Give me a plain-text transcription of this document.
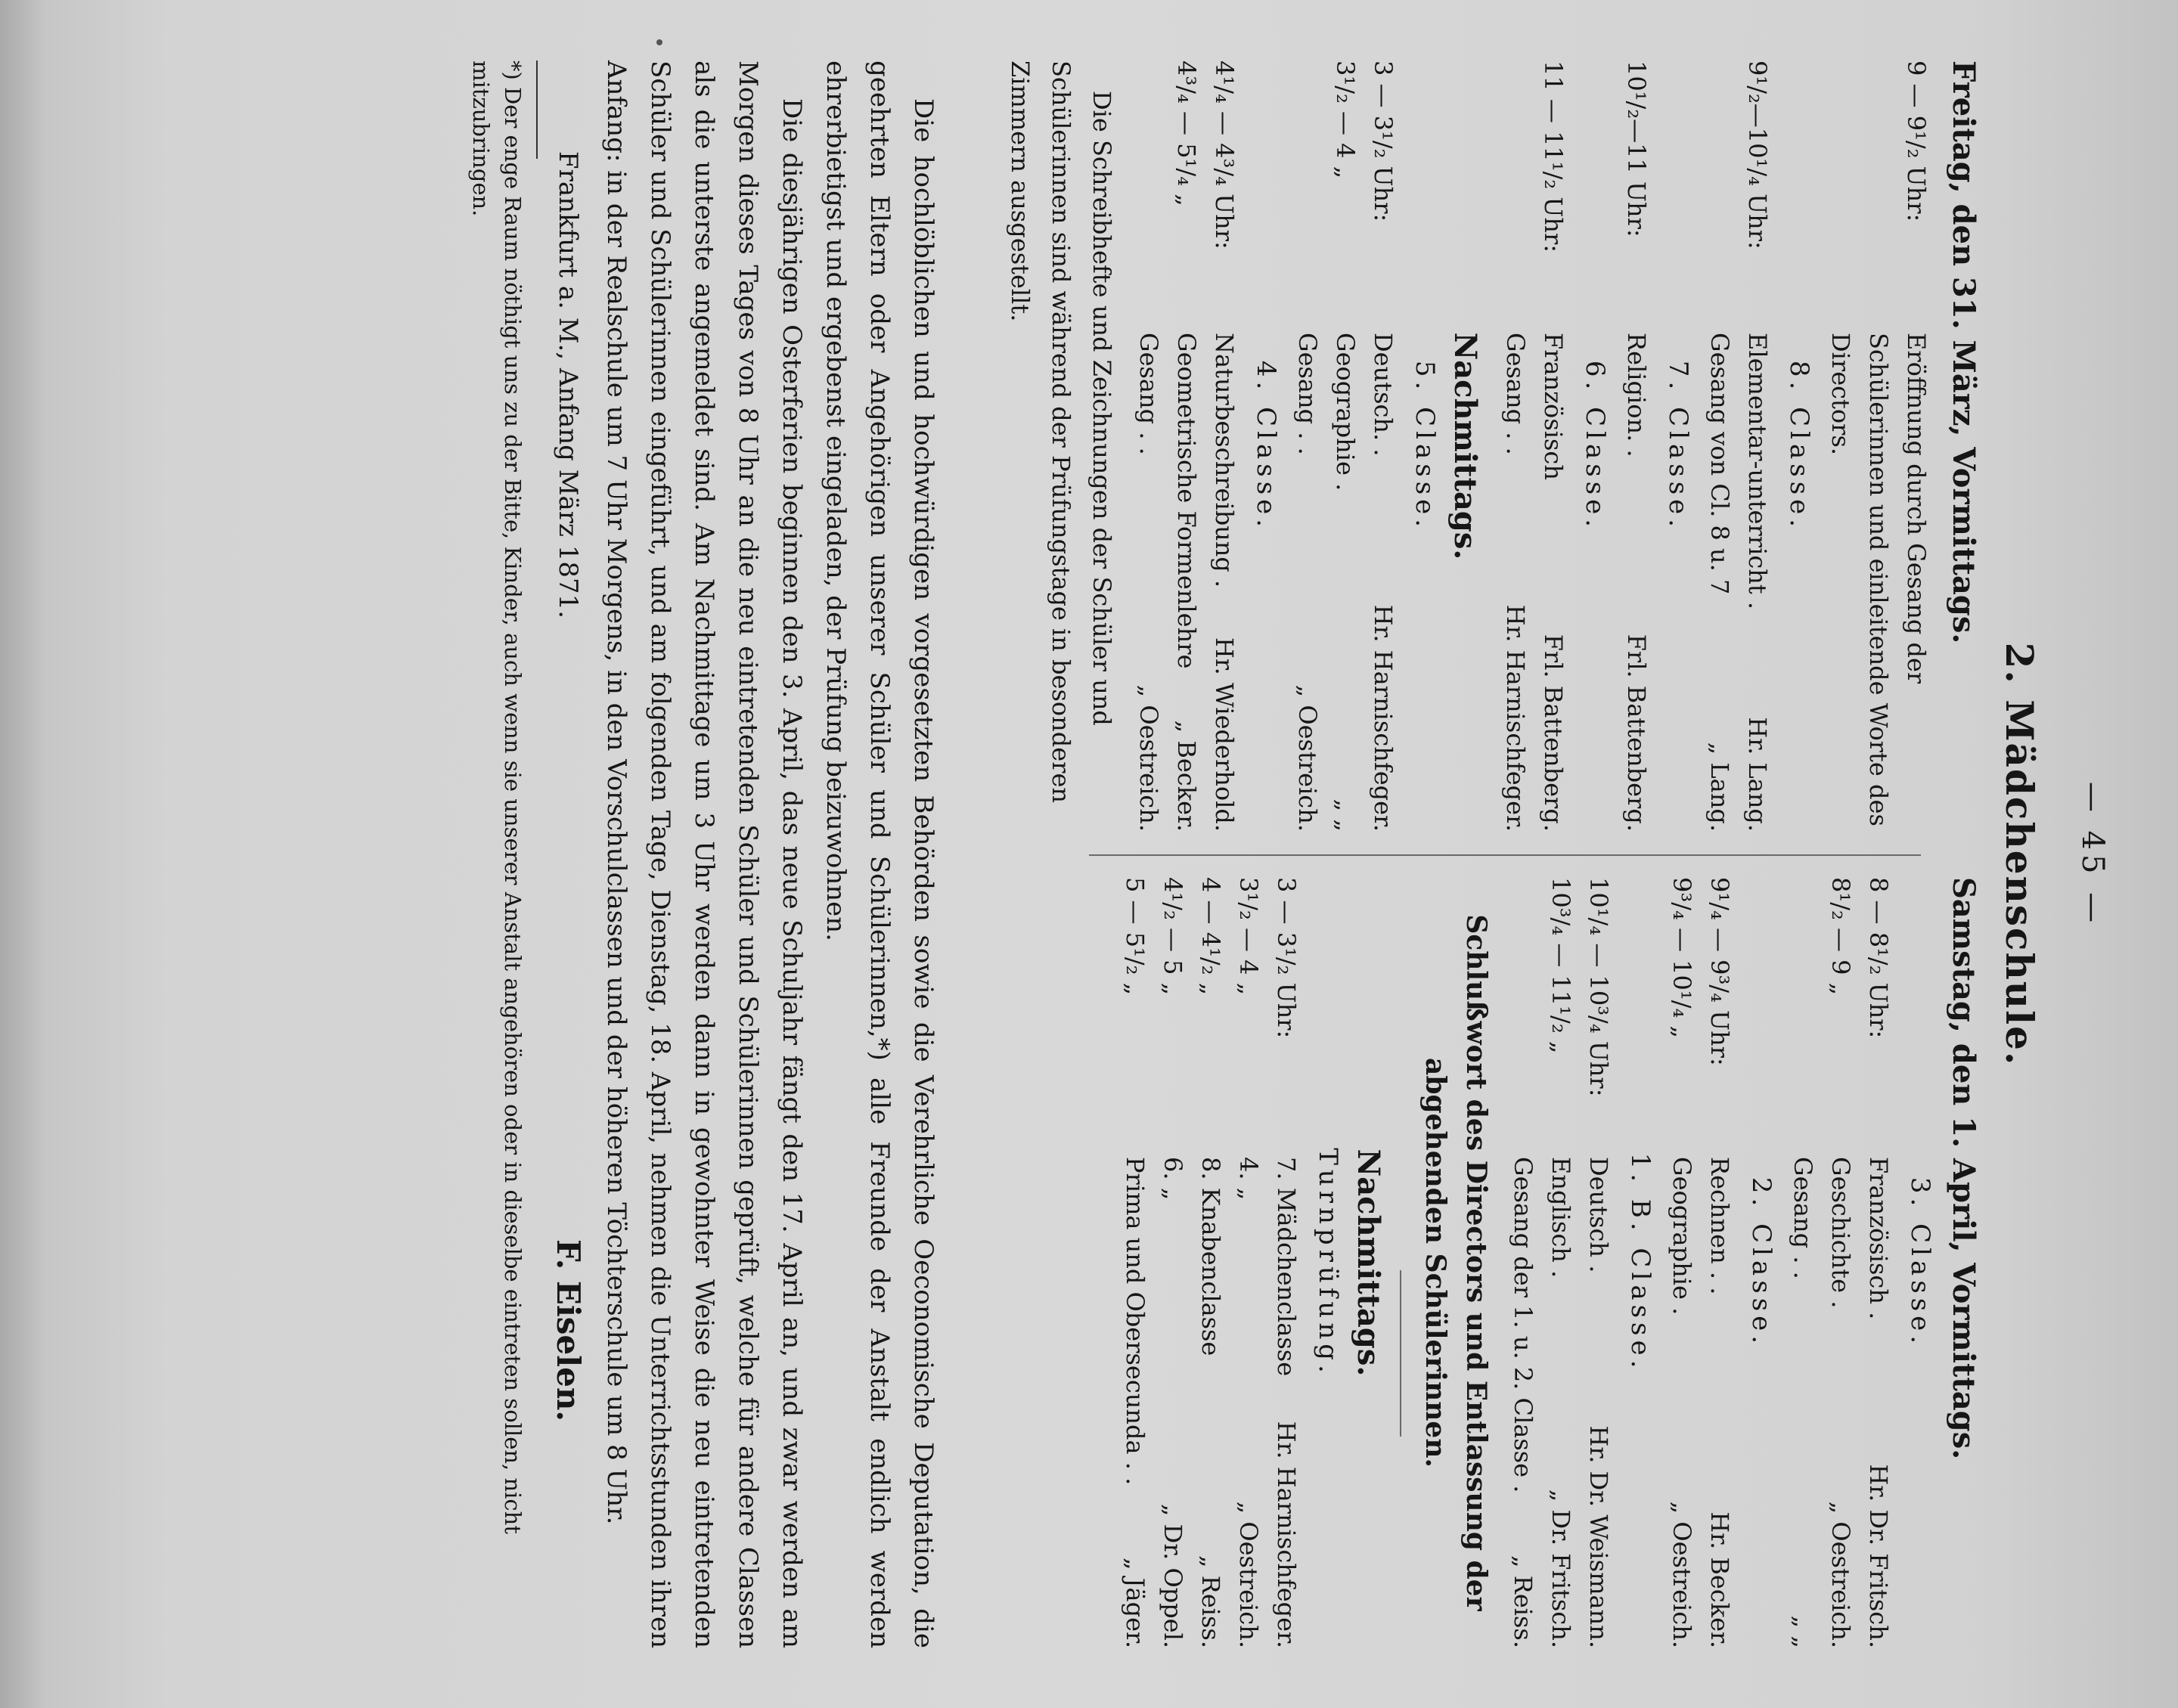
— 45 —
2. Mädchenschule.
Freitag, den 31. März, Vormittags.
9 — 9¹/₂ Uhr:
Eröffnung durch Gesang der Schülerinnen und einleitende Worte des Directors.
8. Classe.
9¹/₂—10¹/₄ Uhr:
Elementar-unterricht .
Hr. Lang.
Gesang von Cl. 8 u. 7
„ Lang.
7. Classe.
10¹/₂—11 Uhr:
Religion. .
Frl. Battenberg.
6. Classe.
11 — 11¹/₂ Uhr:
Französisch
Frl. Battenberg.
Gesang . .
Hr. Harnischfeger.
Nachmittags.
5. Classe.
3 — 3¹/₂ Uhr:
Deutsch. .
Hr. Harnischfeger.
3¹/₂ — 4 „
Geographie .
„ „
Gesang . .
„ Oestreich.
4. Classe.
4¹/₄ — 4³/₄ Uhr:
Naturbeschreibung .
Hr. Wiederhold.
4³/₄ — 5¹/₄ „
Geometrische Formenlehre
„ Becker.
Gesang . .
„ Oestreich.
Die Schreibhefte und Zeichnungen der Schüler und Schülerinnen sind während der Prüfungstage in besonderen Zimmern ausgestellt.
Samstag, den 1. April, Vormittags.
3. Classe.
8 — 8¹/₂ Uhr:
Französisch .
Hr. Dr. Fritsch.
8¹/₂ — 9 „
Geschichte .
„ Oestreich.
Gesang . .
„ „
2. Classe.
9¹/₄ — 9³/₄ Uhr:
Rechnen . .
Hr. Becker.
9³/₄ — 10¹/₄ „
Geographie .
„ Oestreich.
1. B. Classe.
10¹/₄ — 10³/₄ Uhr:
Deutsch .
Hr. Dr. Weismann.
10³/₄ — 11¹/₂ „
Englisch .
„ Dr. Fritsch.
Gesang der 1. u. 2. Classe .
„ Reiss.
Schlußwort des Directors und Entlassung der abgehenden Schülerinnen.
Nachmittags.
Turnprüfung.
3 — 3¹/₂ Uhr:
7. Mädchenclasse
Hr. Harnischfeger.
3¹/₂ — 4 „
4. „
„ Oestreich.
4 — 4¹/₂ „
8. Knabenclasse
„ Reiss.
4¹/₂ — 5 „
6. „
„ Dr. Oppel.
5 — 5¹/₂ „
Prima und Obersecunda . .
„ Jäger.
Die hochlöblichen und hochwürdigen vorgesetzten Behörden sowie die Verehrliche Oeconomische Deputation, die geehrten Eltern oder Angehörigen unserer Schüler und Schülerinnen,*) alle Freunde der Anstalt endlich werden ehrerbietigst und ergebenst eingeladen, der Prüfung beizuwohnen.
Die diesjährigen Osterferien beginnen den 3. April, das neue Schuljahr fängt den 17. April an, und zwar werden am Morgen dieses Tages von 8 Uhr an die neu eintretenden Schüler und Schülerinnen geprüft, welche für andere Classen als die unterste angemeldet sind. Am Nachmittage um 3 Uhr werden dann in gewohnter Weise die neu eintretenden Schüler und Schülerinnen eingeführt, und am folgenden Tage, Dienstag, 18. April, nehmen die Unterrichtsstunden ihren Anfang: in der Realschule um 7 Uhr Morgens, in den Vorschulclassen und der höheren Töchterschule um 8 Uhr.
F. Eiselen.
Frankfurt a. M., Anfang März 1871.
*) Der enge Raum nöthigt uns zu der Bitte, Kinder, auch wenn sie unserer Anstalt angehören oder in dieselbe eintreten sollen, nicht mitzubringen.
